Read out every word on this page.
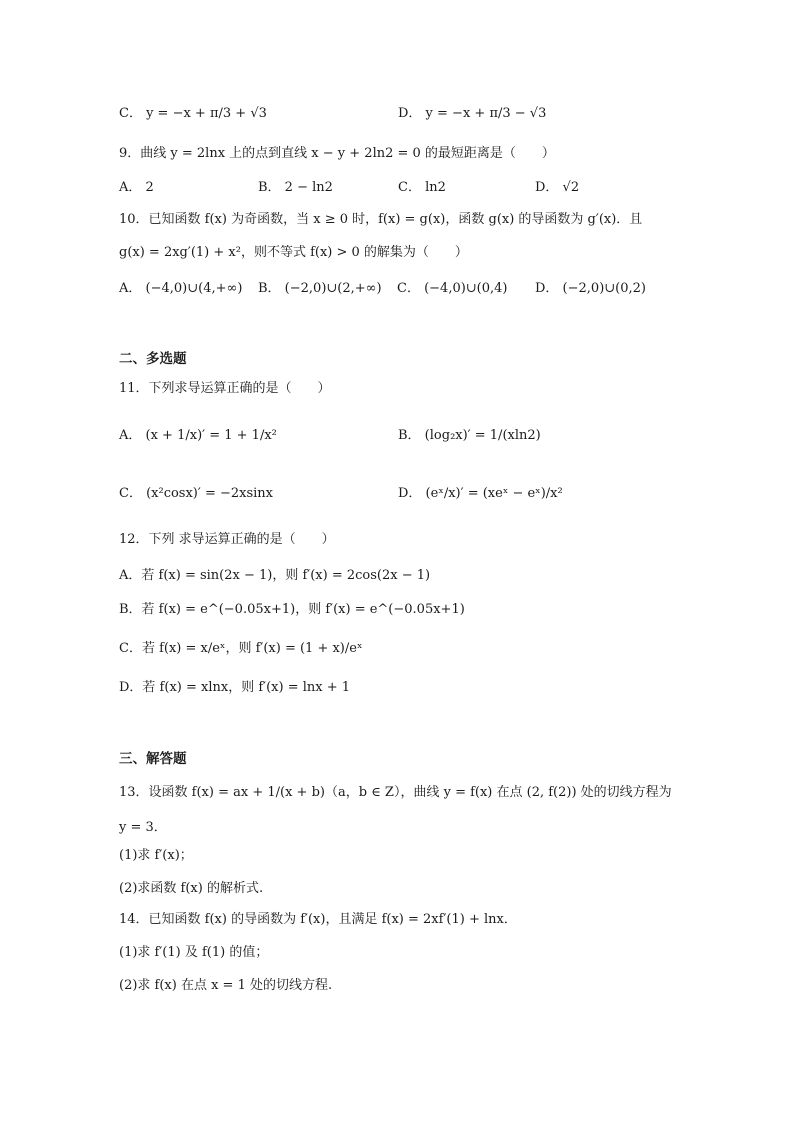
C． y = −x + π/3 + √3	D． y = −x + π/3 − √3
9．曲线 y = 2lnx 上的点到直线 x − y + 2ln2 = 0 的最短距离是（　　）
A． 2	B． 2 − ln2	C． ln2	D． √2
10．已知函数 f(x) 为奇函数，当 x ≥ 0 时，f(x) = g(x)，函数 g(x) 的导函数为 g′(x)．且
g(x) = 2xg′(1) + x²，则不等式 f(x) > 0 的解集为（　　）
A． (−4,0)∪(4,+∞) B． (−2,0)∪(2,+∞) C． (−4,0)∪(0,4) D． (−2,0)∪(0,2)
二、多选题
11．下列求导运算正确的是（　　）
A． (x + 1/x)′ = 1 + 1/x²	B． (log₂x)′ = 1/(xln2)
C． (x²cosx)′ = −2xsinx	D． (eˣ/x)′ = (xeˣ − eˣ)/x²
12．下列 求导运算正确的是（　　）
A．若 f(x) = sin(2x − 1)，则 f′(x) = 2cos(2x − 1)
B．若 f(x) = e^(−0.05x+1)，则 f′(x) = e^(−0.05x+1)
C．若 f(x) = x/eˣ，则 f′(x) = (1 + x)/eˣ
D．若 f(x) = xlnx，则 f′(x) = lnx + 1
三、解答题
13．设函数 f(x) = ax + 1/(x + b)（a，b ∈ Z），曲线 y = f(x) 在点 (2, f(2)) 处的切线方程为
y = 3．
(1)求 f′(x)；
(2)求函数 f(x) 的解析式.
14．已知函数 f(x) 的导函数为 f′(x)，且满足 f(x) = 2xf′(1) + lnx．
(1)求 f′(1) 及 f(1) 的值；
(2)求 f(x) 在点 x = 1 处的切线方程.
